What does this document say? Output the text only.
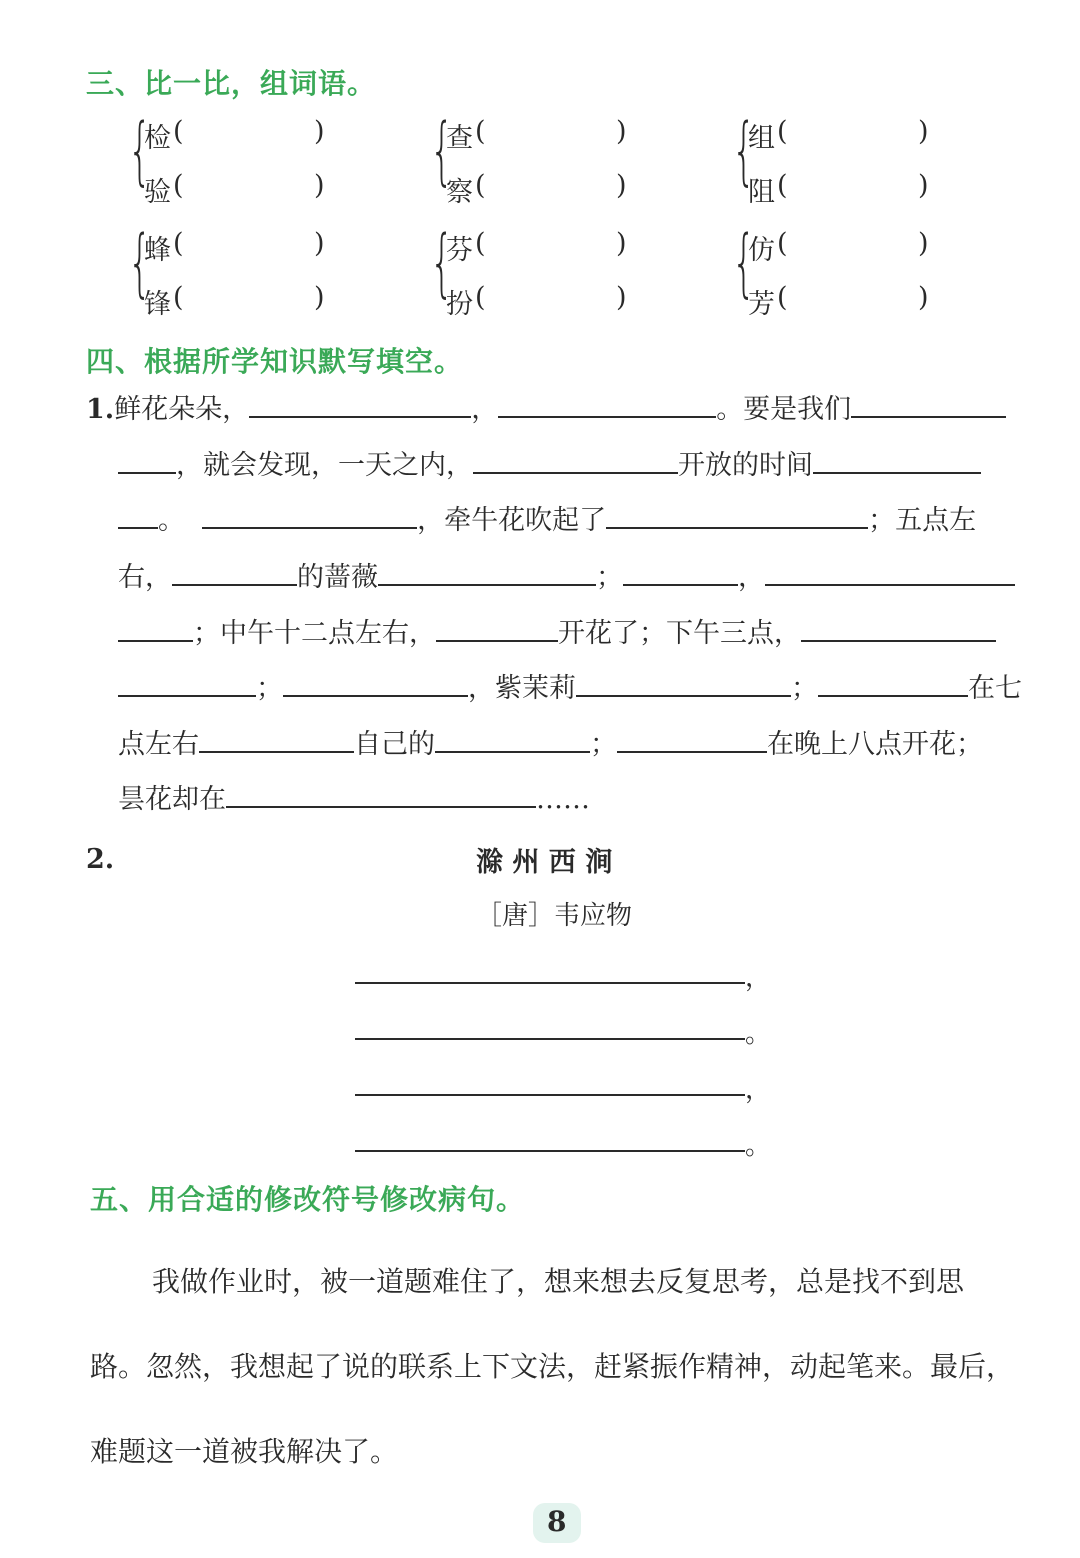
三、比一比，组词语。
{
检 (	)
验 (	) {
查 (	)
察 (	) {
组 (	)
阻 (	)
{
蜂 (	)
锋 (	) {
芬 (	)
扮 (	) {
仿 (	)
芳 (	)
四、根据所学知识默写填空。
1.鲜花朵朵，	，	。要是我们
，就会发现，一天之内，	开放的时间
。	，牵牛花吹起了	；五点左
右，	的蔷薇	；	，
；中午十二点左右，	开花了；下午三点，
；	，紫茉莉	；	在七
点左右	自己的	；	在晚上八点开花；
昙花却在	……
2.	滁 州 西 涧
［唐］韦应物
，
。
，
。
五、用合适的修改符号修改病句。
我做作业时，被一道题难住了，想来想去反复思考，总是找不到思
路。忽然，我想起了说的联系上下文法，赶紧振作精神，动起笔来。最后，
难题这一道被我解决了。
8
